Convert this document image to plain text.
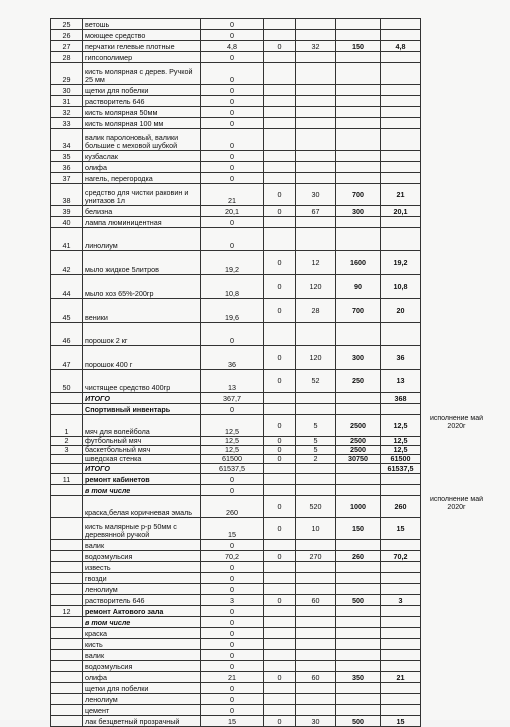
25	ветошь	0					
26	моющее средство	0					
27	перчатки гелевые плотные	4,8	0	32	150	4,8	
28	гипсополимер	0					
29	кисть молярная с дерев. Ручкой 25 мм	0					
30	щетки для побелки	0					
31	растворитель 646	0					
32	кисть молярная 50мм	0					
33	кисть молярная 100 мм	0					
34	валик паролоновый, валики большие с меховой шубкой	0					
35	кузбаслак	0					
36	олифа	0					
37	нагель, перегородка	0					
38	средство для чистки раковин и унитазов 1л	21	0	30	700	21	
39	белизна	20,1	0	67	300	20,1	
40	лампа люминицентная	0					
41	линолиум	0					
42	мыло жидкое 5литров	19,2	0	12	1600	19,2	
44	мыло хоз 65%-200гр	10,8	0	120	90	10,8	
45	веники	19,6	0	28	700	20	
46	порошок 2 кг	0					
47	порошок 400 г	36	0	120	300	36	
50	чистящее средство 400гр	13	0	52	250	13	
	ИТОГО	367,7				368	
	Спортивный инвентарь	0					
1	мяч для волейбола	12,5	0	5	2500	12,5	исполнение май 2020г
2	футбольный мяч	12,5	0	5	2500	12,5	
3	баскетбольный мяч	12,5	0	5	2500	12,5	
	шведская стенка	61500	0	2	30750	61500	
	ИТОГО	61537,5				61537,5	
11	ремонт кабинетов	0					
	в том числе	0					
	краска,белая коричневая эмаль	260	0	520	1000	260	исполнение май 2020г
	кисть малярные р-р 50мм с деревянной ручкой	15	0	10	150	15	
	валик	0					
	водоэмульсия	70,2	0	270	260	70,2	
	известь	0					
	гвозди	0					
	ленолиум	0					
	растворитель 646	3	0	60	500	3	
12	ремонт Актового зала	0					
	в том числе	0					
	краска	0					
	кисть	0					
	валик	0					
	водоэмульсия	0					
	олифа	21	0	60	350	21	
	щетки для побелки	0					
	ленолиум	0					
	цемент	0					
	лак безцветный прозрачный	15	0	30	500	15	
